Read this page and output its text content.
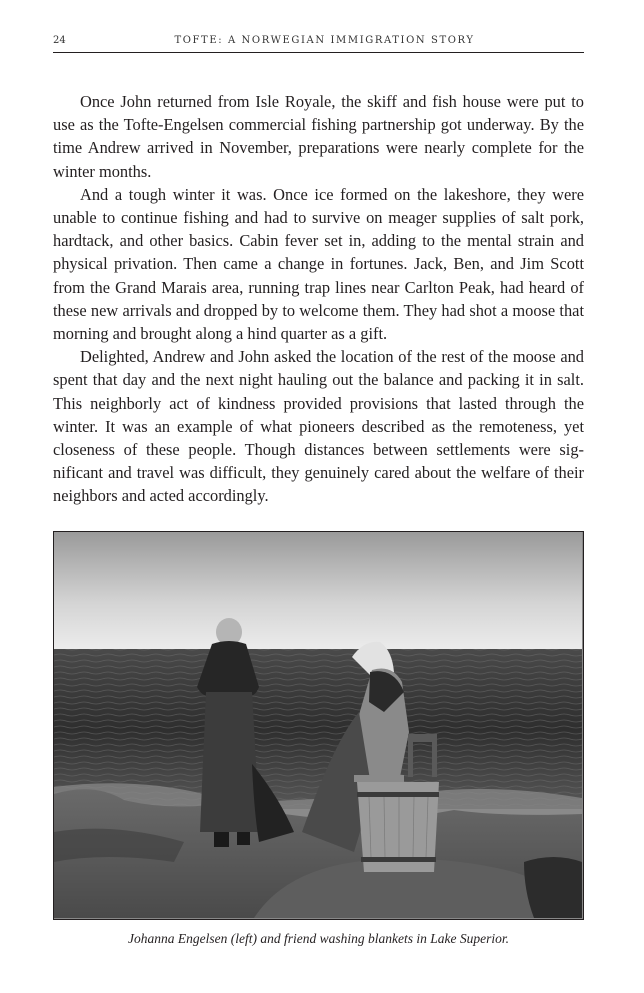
24	TOFTE: A NORWEGIAN IMMIGRATION STORY

Once John returned from Isle Royale, the skiff and fish house were put to use as the Tofte-Engelsen commercial fishing partnership got underway. By the time Andrew arrived in November, preparations were nearly complete for the winter months.

And a tough winter it was. Once ice formed on the lakeshore, they were unable to continue fishing and had to survive on meager supplies of salt pork, hardtack, and other basics. Cabin fever set in, adding to the mental strain and physical privation. Then came a change in fortunes. Jack, Ben, and Jim Scott from the Grand Marais area, running trap lines near Carlton Peak, had heard of these new arrivals and dropped by to welcome them. They had shot a moose that morning and brought along a hind quarter as a gift.

Delighted, Andrew and John asked the location of the rest of the moose and spent that day and the next night hauling out the balance and packing it in salt. This neighborly act of kindness provided provisions that lasted through the winter. It was an example of what pioneers described as the remoteness, yet closeness of these people. Though distances between settlements were significant and travel was difficult, they genuinely cared about the welfare of their neighbors and acted accordingly.

Johanna Engelsen (left) and friend washing blankets in Lake Superior.
